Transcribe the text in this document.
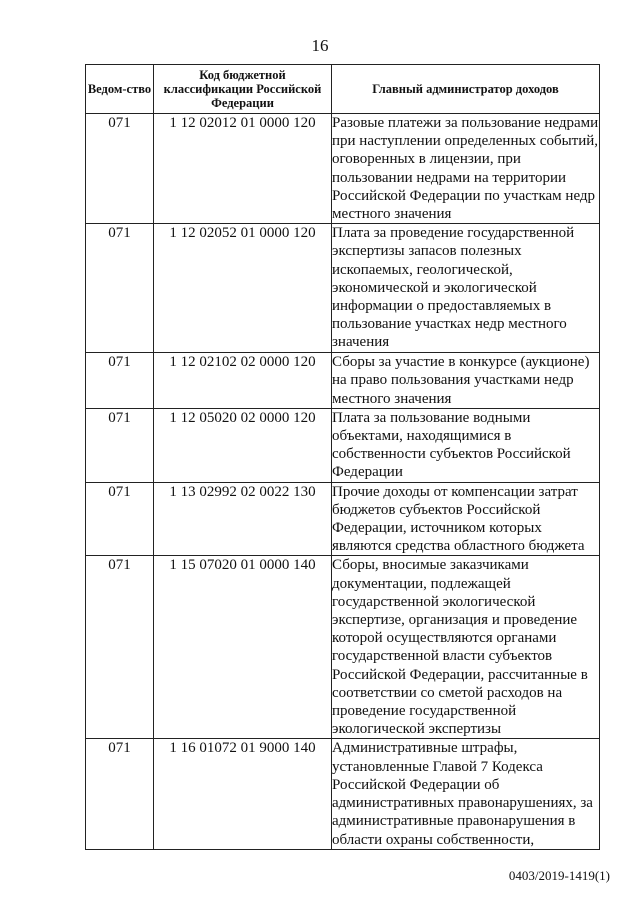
16
Ведом-ство	Код бюджетной классификации Российской Федерации	Главный администратор доходов
071	1 12 02012 01 0000 120	Разовые платежи за пользование недрами при наступлении определенных событий, оговоренных в лицензии, при пользовании недрами на территории Российской Федерации по участкам недр местного значения
071	1 12 02052 01 0000 120	Плата за проведение государственной экспертизы запасов полезных ископаемых, геологической, экономической и экологической информации о предоставляемых в пользование участках недр местного значения
071	1 12 02102 02 0000 120	Сборы за участие в конкурсе (аукционе) на право пользования участками недр местного значения
071	1 12 05020 02 0000 120	Плата за пользование водными объектами, находящимися в собственности субъектов Российской Федерации
071	1 13 02992 02 0022 130	Прочие доходы от компенсации затрат бюджетов субъектов Российской Федерации, источником которых являются средства областного бюджета
071	1 15 07020 01 0000 140	Сборы, вносимые заказчиками документации, подлежащей государственной экологической экспертизе, организация и проведение которой осуществляются органами государственной власти субъектов Российской Федерации, рассчитанные в соответствии со сметой расходов на проведение государственной экологической экспертизы
071	1 16 01072 01 9000 140	Административные штрафы, установленные Главой 7 Кодекса Российской Федерации об административных правонарушениях, за административные правонарушения в области охраны собственности,
0403/2019-1419(1)
